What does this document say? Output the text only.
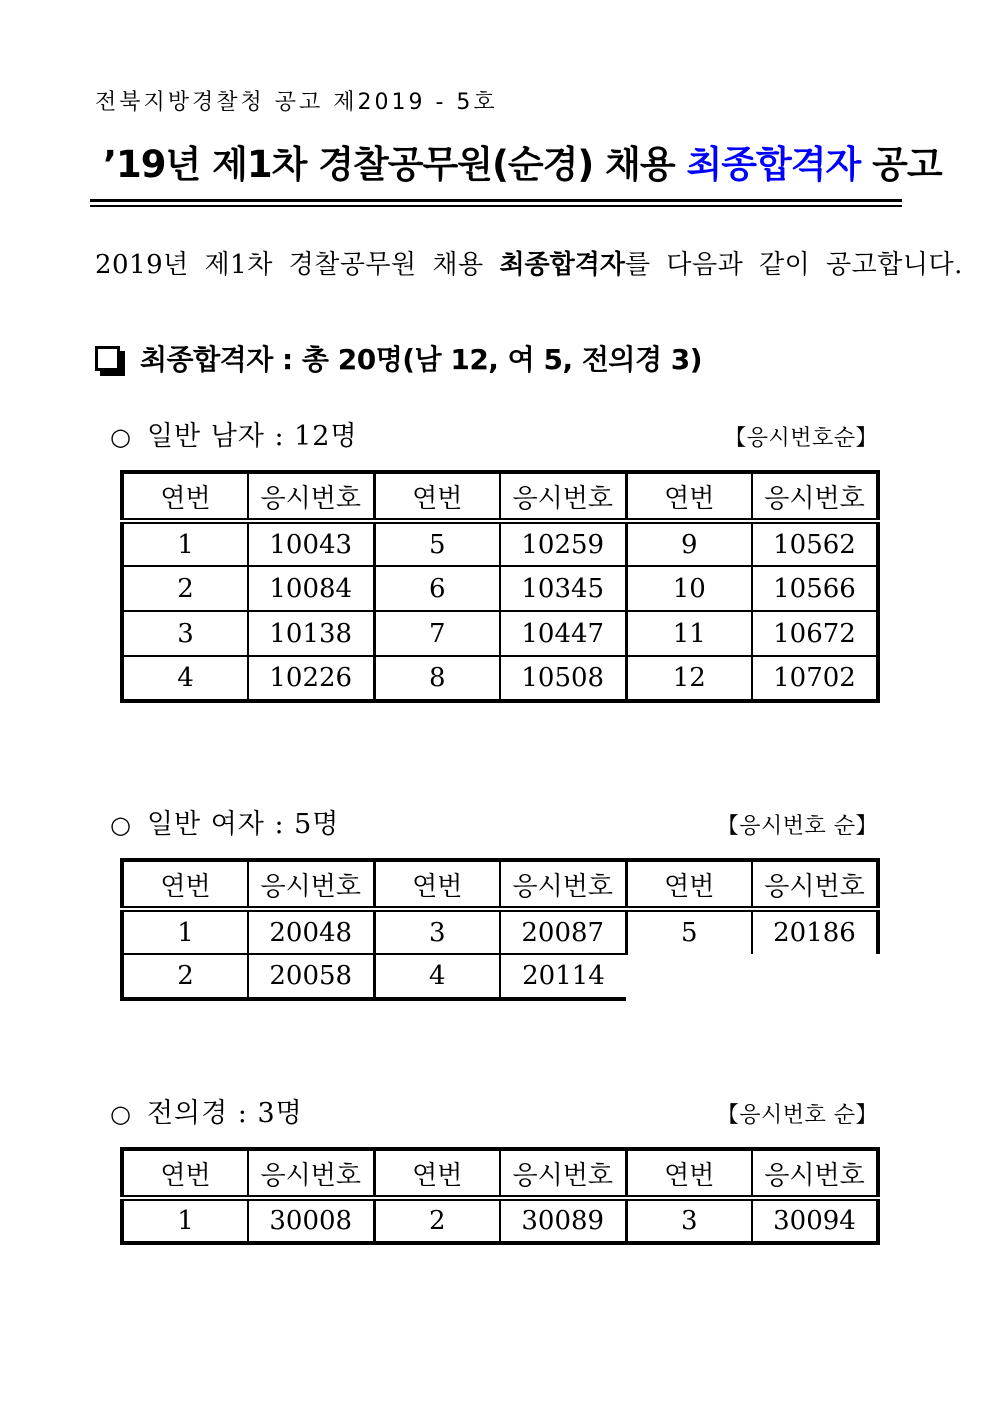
전북지방경찰청 공고 제2019 - 5호
’19년 제1차 경찰공무원(순경) 채용 최종합격자 공고

2019년 제1차 경찰공무원 채용 최종합격자를 다음과 같이 공고합니다.

최종합격자 : 총 20명(남 12, 여 5, 전의경 3)
○ 일반 남자 : 12명	【응시번호순】
연번	응시번호	연번	응시번호	연번	응시번호
1	10043	5	10259	9	10562
2	10084	6	10345	10	10566
3	10138	7	10447	11	10672
4	10226	8	10508	12	10702
○ 일반 여자 : 5명	【응시번호 순】
연번	응시번호	연번	응시번호	연번	응시번호
1	20048	3	20087	5	20186
2	20058	4	20114		
○ 전의경 : 3명	【응시번호 순】
연번	응시번호	연번	응시번호	연번	응시번호
1	30008	2	30089	3	30094
